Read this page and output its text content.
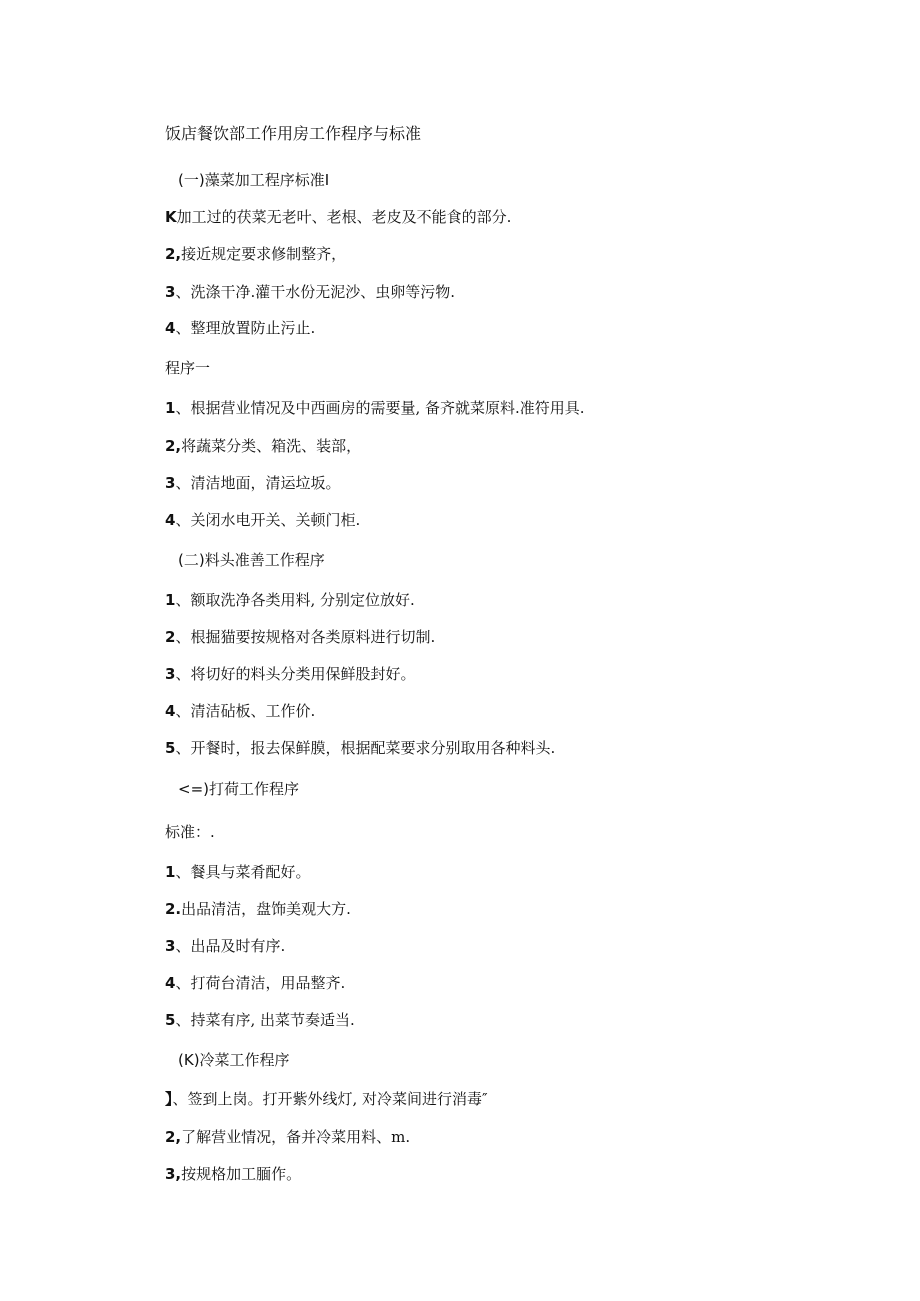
饭店餐饮部工作用房工作程序与标准
(一)藻菜加工程序标准I
K加工过的茯菜无老叶、老根、老皮及不能食的部分.
2,接近规定要求修制整齐，
3、洗涤干净.灌干水份无泥沙、虫卵等污物.
4、整理放置防止污止.
程序一
1、根据营业情况及中西画房的需要量, 备齐就菜原料.准符用具.
2,将蔬菜分类、箱洗、装部，
3、清洁地面，清运垃坂。
4、关闭水电开关、关顿门柜.
(二)料头准善工作程序
1、额取洗净各类用料, 分别定位放好.
2、根掘猫要按规格对各类原料进行切制.
3、将切好的料头分类用保鲜股封好。
4、清洁砧板、工作价.
5、开餐时，报去保鲜膜，根据配菜要求分别取用各种料头.
<=)打荷工作程序
标准：.
1、餐具与菜肴配好。
2.出品清洁，盘饰美观大方.
3、出品及时有序.
4、打荷台清洁，用品整齐.
5、持菜有序, 出菜节奏适当.
(K)冷菜工作程序
】、签到上岗。打开紫外线灯, 对冷菜间进行消毒″
2,了解营业情况，备并冷菜用料、m.
3,按规格加工腼作。
